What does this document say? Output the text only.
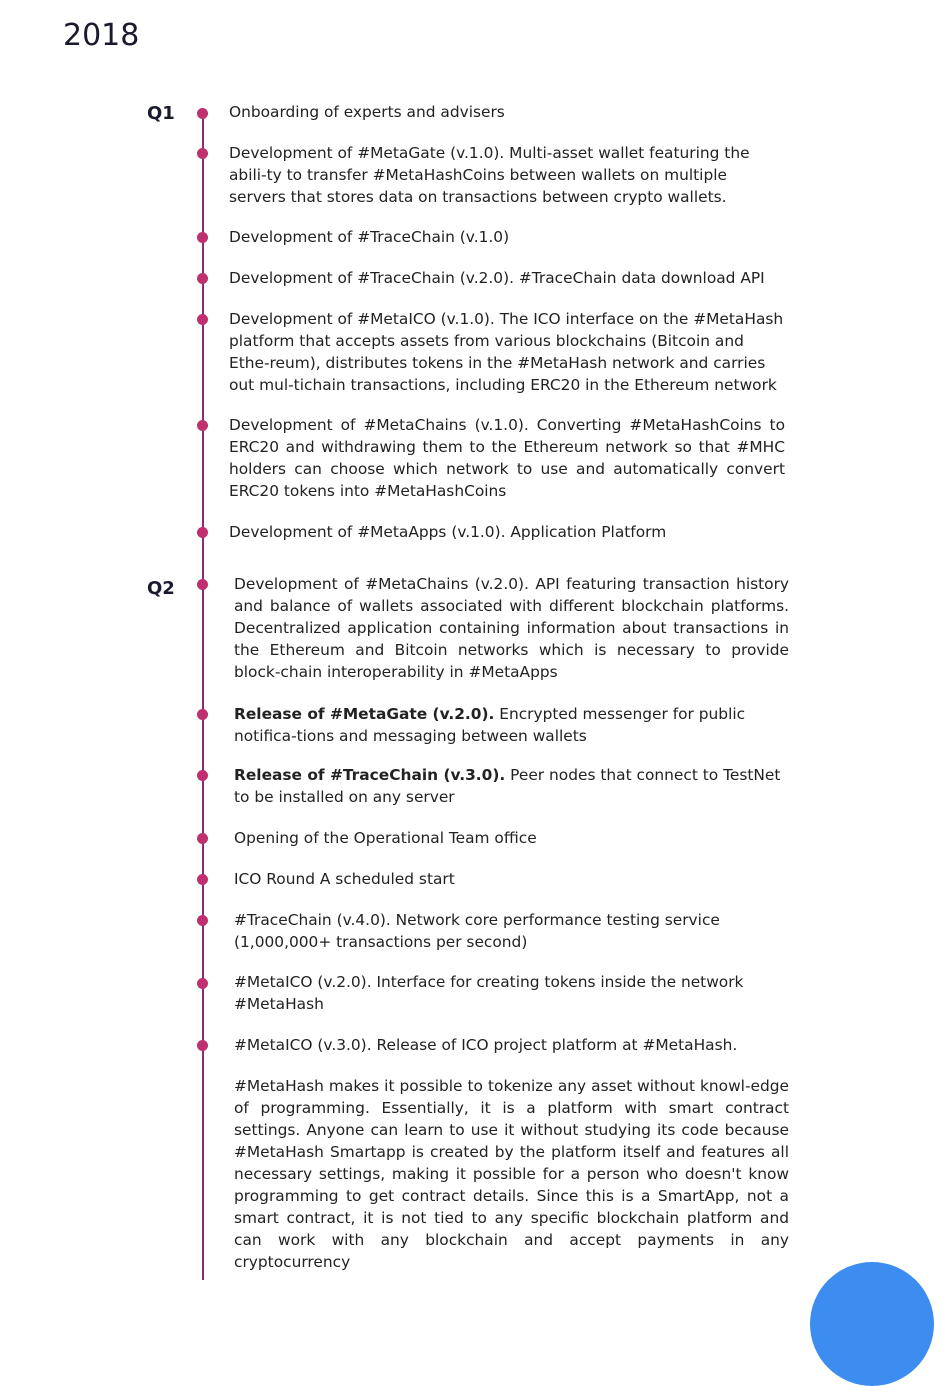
2018
Q1	Onboarding of experts and advisers
Development of #MetaGate (v.1.0). Multi-asset wallet featuring the abili-ty to transfer #MetaHashCoins between wallets on multiple servers that stores data on transactions between crypto wallets.
Development of #TraceChain (v.1.0)
Development of #TraceChain (v.2.0). #TraceChain data download API
Development of #MetaICO (v.1.0). The ICO interface on the #MetaHash platform that accepts assets from various blockchains (Bitcoin and Ethe-reum), distributes tokens in the #MetaHash network and carries out mul-tichain transactions, including ERC20 in the Ethereum network
Development of #MetaChains (v.1.0). Converting #MetaHashCoins to ERC20 and withdrawing them to the Ethereum network so that #MHC holders can choose which network to use and automatically convert ERC20 tokens into #MetaHashCoins
Development of #MetaApps (v.1.0). Application Platform
Q2	Development of #MetaChains (v.2.0). API featuring transaction history and balance of wallets associated with different blockchain platforms. Decentralized application containing information about transactions in the Ethereum and Bitcoin networks which is necessary to provide block-chain interoperability in #MetaApps
Release of #MetaGate (v.2.0). Encrypted messenger for public notifica-tions and messaging between wallets
Release of #TraceChain (v.3.0). Peer nodes that connect to TestNet to be installed on any server
Opening of the Operational Team office
ICO Round A scheduled start
#TraceChain (v.4.0). Network core performance testing service (1,000,000+ transactions per second)
#MetaICO (v.2.0). Interface for creating tokens inside the network #MetaHash
#MetaICO (v.3.0). Release of ICO project platform at #MetaHash.
#MetaHash makes it possible to tokenize any asset without knowl-edge of programming. Essentially, it is a platform with smart contract settings. Anyone can learn to use it without studying its code because #MetaHash Smartapp is created by the platform itself and features all necessary settings, making it possible for a person who doesn't know programming to get contract details. Since this is a SmartApp, not a smart contract, it is not tied to any specific blockchain platform and can work with any blockchain and accept payments in any cryptocurrency
